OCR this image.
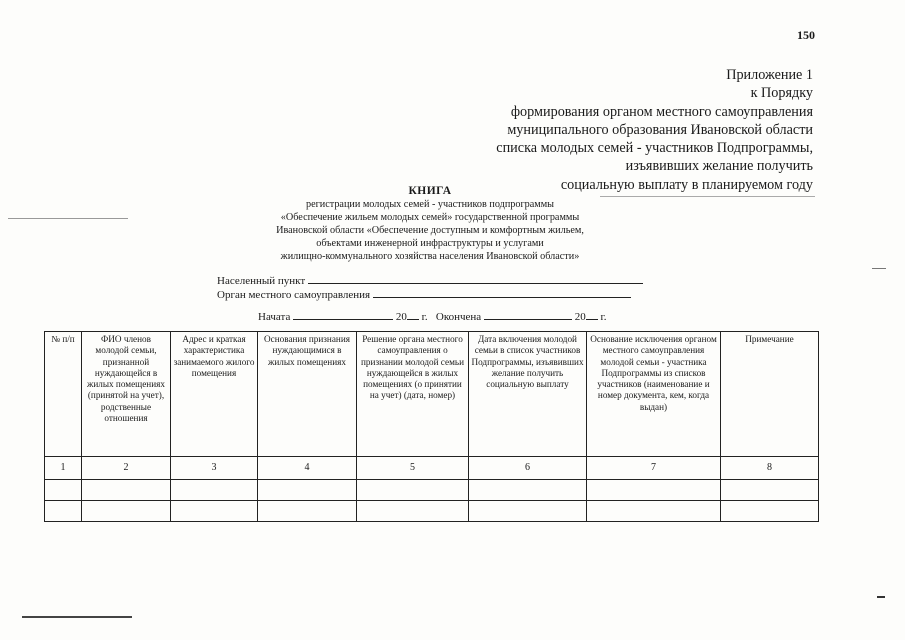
150
Приложение 1
к Порядку
формирования органом местного самоуправления
муниципального образования Ивановской области
списка молодых семей - участников Подпрограммы,
изъявивших желание получить
социальную выплату в планируемом году
КНИГА
регистрации молодых семей - участников подпрограммы
«Обеспечение жильем молодых семей» государственной программы
Ивановской области «Обеспечение доступным и комфортным жильем,
объектами инженерной инфраструктуры и услугами
жилищно-коммунального хозяйства населения Ивановской области»
Населенный пункт
Орган местного самоуправления
Начата	20 г. Окончена	20 г.
№ п/п	ФИО членов молодой семьи, признанной нуждающейся в жилых помещениях (принятой на учет), родственные отношения	Адрес и краткая характеристика занимаемого жилого помещения	Основания признания нуждающимися в жилых помещениях	Решение органа местного самоуправления о признании молодой семьи нуждающейся в жилых помещениях (о принятии на учет) (дата, номер)	Дата включения молодой семьи в список участников Подпрограммы, изъявивших желание получить социальную выплату	Основание исключения органом местного самоуправления молодой семьи - участника Подпрограммы из списков участников (наименование и номер документа, кем, когда выдан)	Примечание
1	2	3	4	5	6	7	8
